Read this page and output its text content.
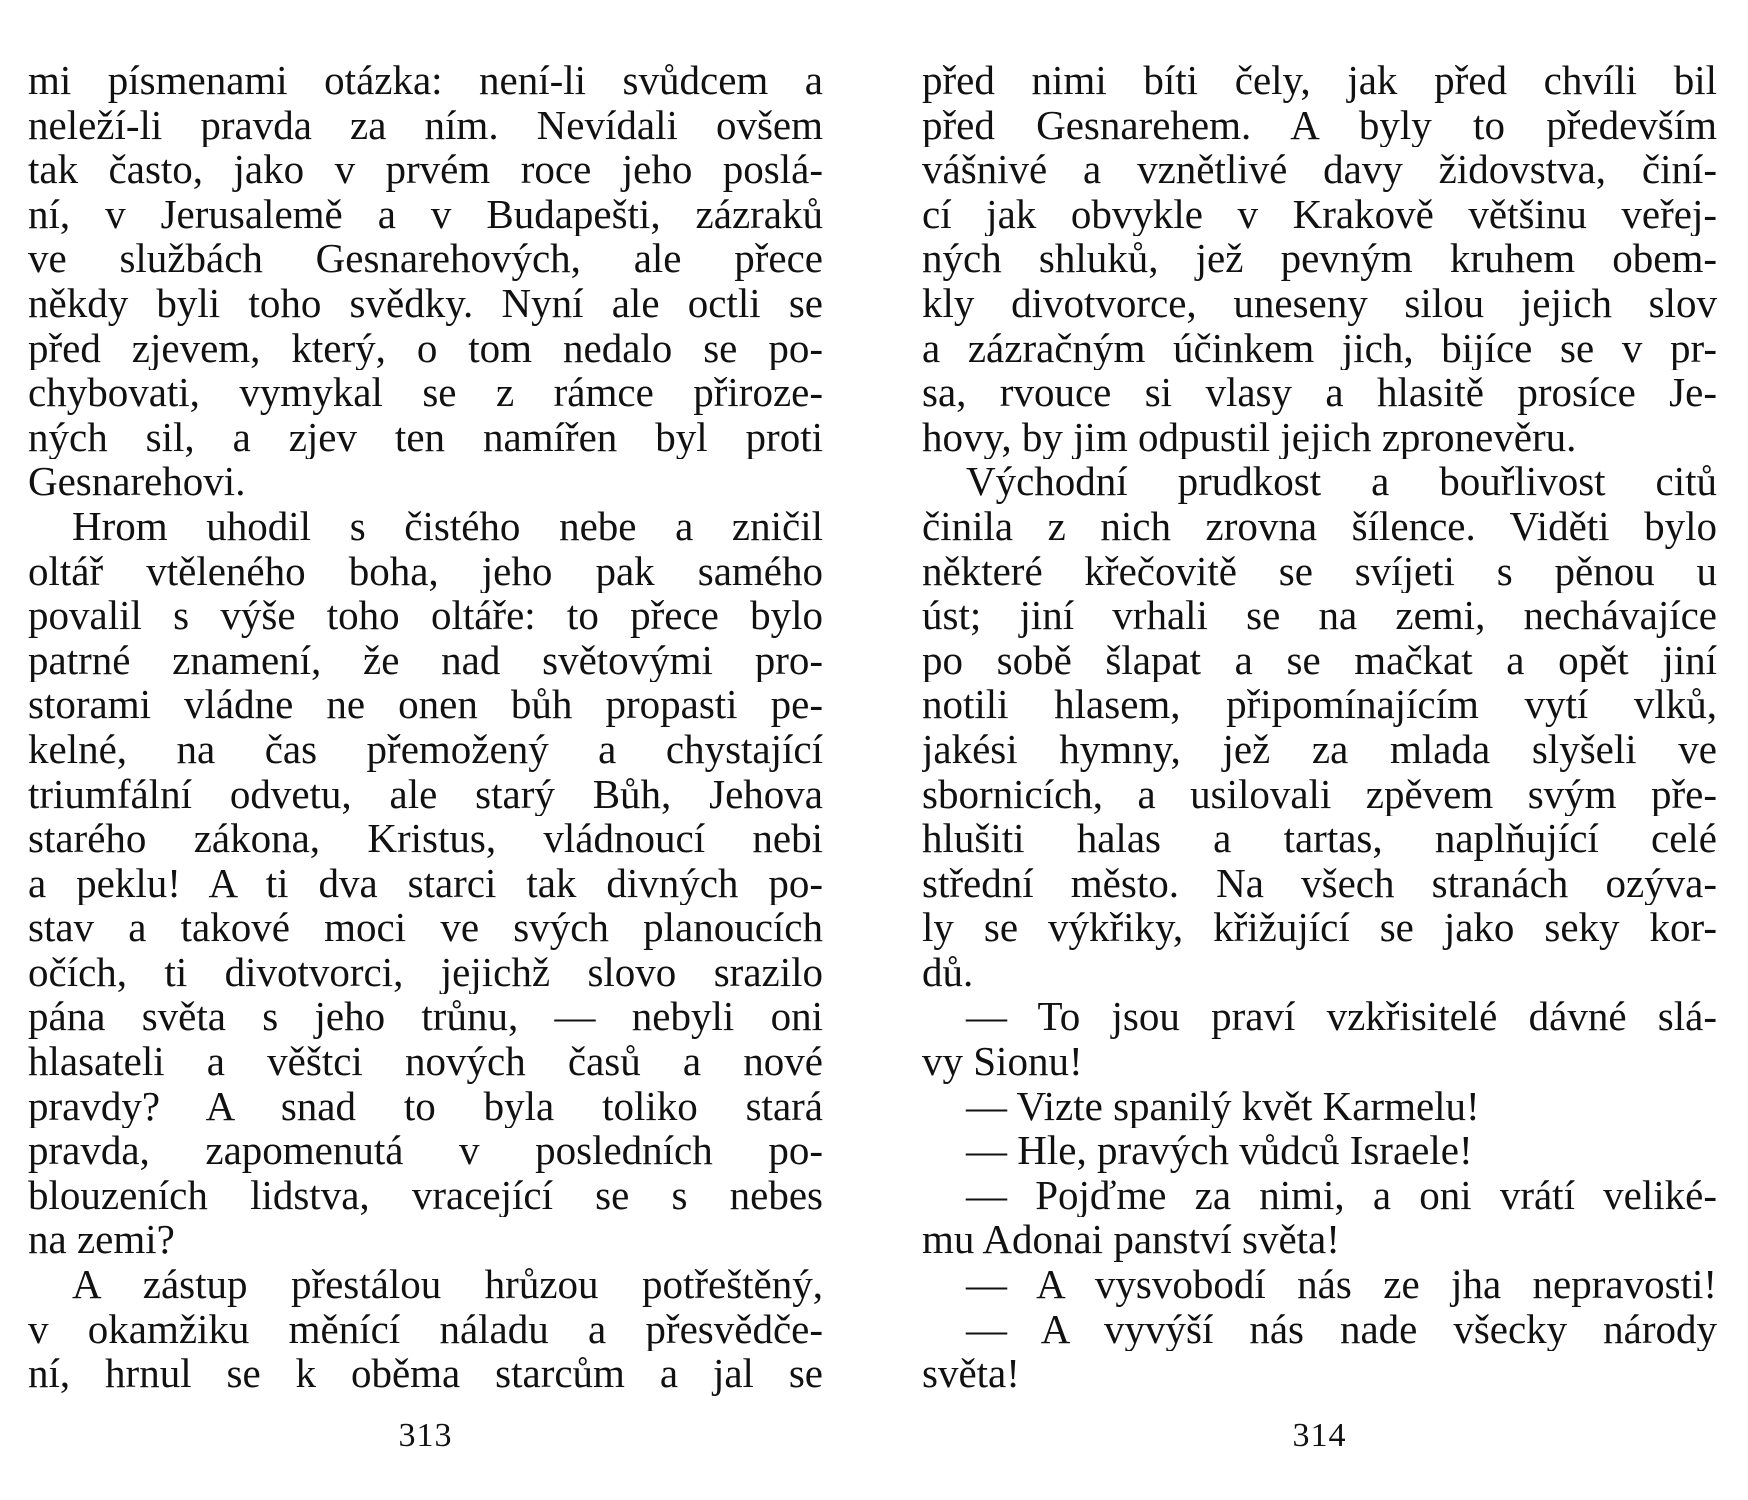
mi písmenami otázka: není-li svůdcem a
neleží-li pravda za ním. Nevídali ovšem
tak často, jako v prvém roce jeho poslá-
ní, v Jerusalemě a v Budapešti, zázraků
ve službách Gesnarehových, ale přece
někdy byli toho svědky. Nyní ale octli se
před zjevem, který, o tom nedalo se po-
chybovati, vymykal se z rámce přiroze-
ných sil, a zjev ten namířen byl proti
Gesnarehovi.
Hrom uhodil s čistého nebe a zničil
oltář vtěleného boha, jeho pak samého
povalil s výše toho oltáře: to přece bylo
patrné znamení, že nad světovými pro-
storami vládne ne onen bůh propasti pe-
kelné, na čas přemožený a chystající
triumfální odvetu, ale starý Bůh, Jehova
starého zákona, Kristus, vládnoucí nebi
a peklu! A ti dva starci tak divných po-
stav a takové moci ve svých planoucích
očích, ti divotvorci, jejichž slovo srazilo
pána světa s jeho trůnu, — nebyli oni
hlasateli a věštci nových časů a nové
pravdy? A snad to byla toliko stará
pravda, zapomenutá v posledních po-
blouzeních lidstva, vracející se s nebes
na zemi?
A zástup přestálou hrůzou potřeštěný,
v okamžiku měnící náladu a přesvědče-
ní, hrnul se k oběma starcům a jal se
313
před nimi bíti čely, jak před chvíli bil
před Gesnarehem. A byly to především
vášnivé a vznětlivé davy židovstva, činí-
cí jak obvykle v Krakově většinu veřej-
ných shluků, jež pevným kruhem obem-
kly divotvorce, uneseny silou jejich slov
a zázračným účinkem jich, bijíce se v pr-
sa, rvouce si vlasy a hlasitě prosíce Je-
hovy, by jim odpustil jejich zpronevěru.
Východní prudkost a bouřlivost citů
činila z nich zrovna šílence. Viděti bylo
některé křečovitě se svíjeti s pěnou u
úst; jiní vrhali se na zemi, nechávajíce
po sobě šlapat a se mačkat a opět jiní
notili hlasem, připomínajícím vytí vlků,
jakési hymny, jež za mlada slyšeli ve
sbornicích, a usilovali zpěvem svým pře-
hlušiti halas a tartas, naplňující celé
střední město. Na všech stranách ozýva-
ly se výkřiky, křižující se jako seky kor-
dů.
— To jsou praví vzkřisitelé dávné slá-
vy Sionu!
— Vizte spanilý květ Karmelu!
— Hle, pravých vůdců Israele!
— Pojďme za nimi, a oni vrátí veliké-
mu Adonai panství světa!
— A vysvobodí nás ze jha nepravosti!
— A vyvýší nás nade všecky národy
světa!
314
